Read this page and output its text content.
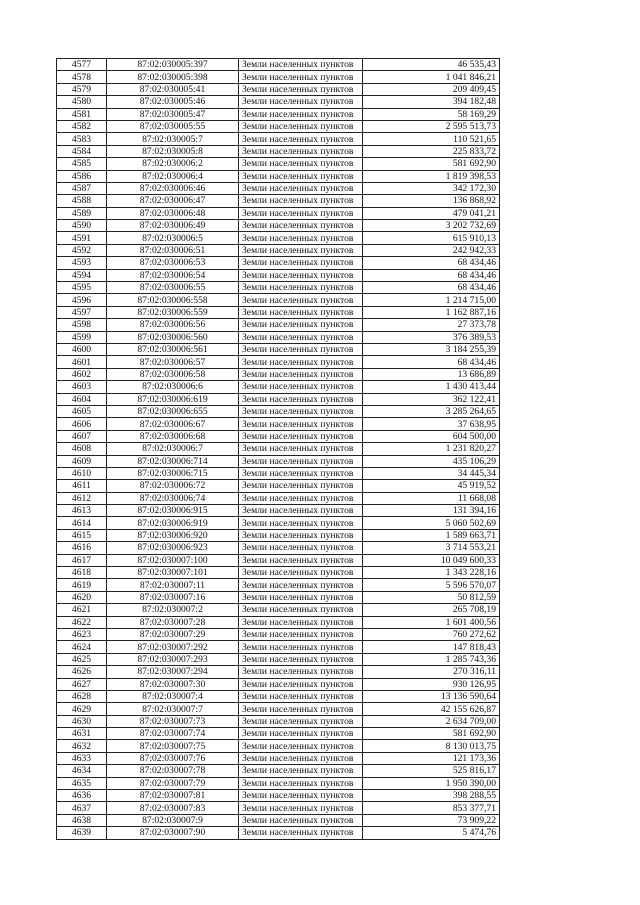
4577	87:02:030005:397	Земли населенных пунктов	46 535,43
4578	87:02:030005:398	Земли населенных пунктов	1 041 846,21
4579	87:02:030005:41	Земли населенных пунктов	209 409,45
4580	87:02:030005:46	Земли населенных пунктов	394 182,48
4581	87:02:030005:47	Земли населенных пунктов	58 169,29
4582	87:02:030005:55	Земли населенных пунктов	2 595 513,73
4583	87:02:030005:7	Земли населенных пунктов	110 521,65
4584	87:02:030005:8	Земли населенных пунктов	225 833,72
4585	87:02:030006:2	Земли населенных пунктов	581 692,90
4586	87:02:030006:4	Земли населенных пунктов	1 819 398,53
4587	87:02:030006:46	Земли населенных пунктов	342 172,30
4588	87:02:030006:47	Земли населенных пунктов	136 868,92
4589	87:02:030006:48	Земли населенных пунктов	479 041,21
4590	87:02:030006:49	Земли населенных пунктов	3 202 732,69
4591	87:02:030006:5	Земли населенных пунктов	615 910,13
4592	87:02:030006:51	Земли населенных пунктов	242 942,33
4593	87:02:030006:53	Земли населенных пунктов	68 434,46
4594	87:02:030006:54	Земли населенных пунктов	68 434,46
4595	87:02:030006:55	Земли населенных пунктов	68 434,46
4596	87:02:030006:558	Земли населенных пунктов	1 214 715,00
4597	87:02:030006:559	Земли населенных пунктов	1 162 887,16
4598	87:02:030006:56	Земли населенных пунктов	27 373,78
4599	87:02:030006:560	Земли населенных пунктов	376 389,53
4600	87:02:030006:561	Земли населенных пунктов	3 184 255,39
4601	87:02:030006:57	Земли населенных пунктов	68 434,46
4602	87:02:030006:58	Земли населенных пунктов	13 686,89
4603	87:02:030006:6	Земли населенных пунктов	1 430 413,44
4604	87:02:030006:619	Земли населенных пунктов	362 122,41
4605	87:02:030006:655	Земли населенных пунктов	3 285 264,65
4606	87:02:030006:67	Земли населенных пунктов	37 638,95
4607	87:02:030006:68	Земли населенных пунктов	604 500,00
4608	87:02:030006:7	Земли населенных пунктов	1 231 820,27
4609	87:02:030006:714	Земли населенных пунктов	435 106,29
4610	87:02:030006:715	Земли населенных пунктов	34 445,34
4611	87:02:030006:72	Земли населенных пунктов	45 919,52
4612	87:02:030006:74	Земли населенных пунктов	11 668,08
4613	87:02:030006:915	Земли населенных пунктов	131 394,16
4614	87:02:030006:919	Земли населенных пунктов	5 060 502,69
4615	87:02:030006:920	Земли населенных пунктов	1 589 663,71
4616	87:02:030006:923	Земли населенных пунктов	3 714 553,21
4617	87:02:030007:100	Земли населенных пунктов	10 049 600,33
4618	87:02:030007:101	Земли населенных пунктов	1 343 228,16
4619	87:02:030007:11	Земли населенных пунктов	5 596 570,07
4620	87:02:030007:16	Земли населенных пунктов	50 812,59
4621	87:02:030007:2	Земли населенных пунктов	265 708,19
4622	87:02:030007:28	Земли населенных пунктов	1 601 400,56
4623	87:02:030007:29	Земли населенных пунктов	760 272,62
4624	87:02:030007:292	Земли населенных пунктов	147 818,43
4625	87:02:030007:293	Земли населенных пунктов	1 285 743,36
4626	87:02:030007:294	Земли населенных пунктов	270 316,11
4627	87:02:030007:30	Земли населенных пунктов	930 126,95
4628	87:02:030007:4	Земли населенных пунктов	13 136 590,64
4629	87:02:030007:7	Земли населенных пунктов	42 155 626,87
4630	87:02:030007:73	Земли населенных пунктов	2 634 709,00
4631	87:02:030007:74	Земли населенных пунктов	581 692,90
4632	87:02:030007:75	Земли населенных пунктов	8 130 013,75
4633	87:02:030007:76	Земли населенных пунктов	121 173,36
4634	87:02:030007:78	Земли населенных пунктов	525 816,17
4635	87:02:030007:79	Земли населенных пунктов	1 950 390,00
4636	87:02:030007:81	Земли населенных пунктов	398 288,55
4637	87:02:030007:83	Земли населенных пунктов	853 377,71
4638	87:02:030007:9	Земли населенных пунктов	73 909,22
4639	87:02:030007:90	Земли населенных пунктов	5 474,76
